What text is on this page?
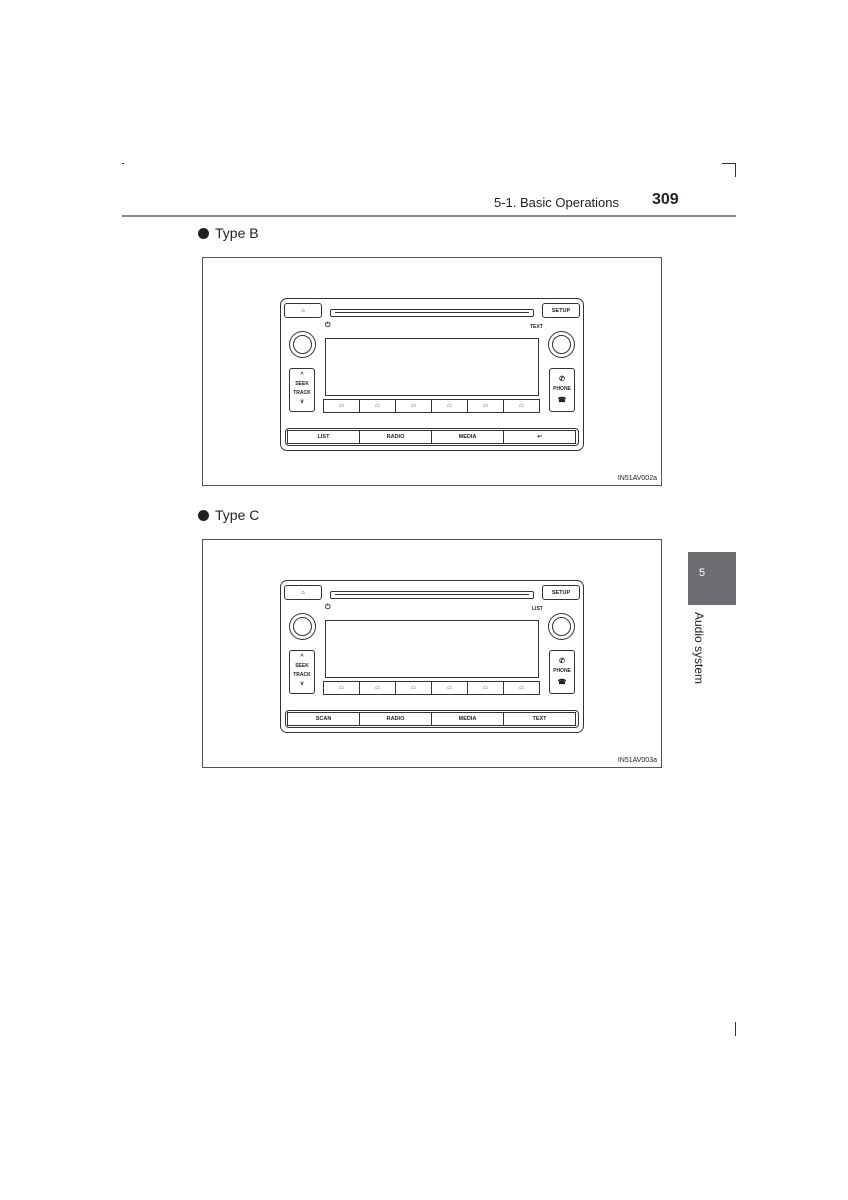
5-1. Basic Operations 309
5
Audio system
Type B
⌂	SETUP
⏻	TEXT
^
SEEK
TRACK
v
✆
PHONE
☎
▭	▭	▭	▭	▭	▭
LIST	RADIO	MEDIA	↩
IN51AV002a
Type C
⌂	SETUP
⏻	LIST
^
SEEK
TRACK
v
✆
PHONE
☎
▭	▭	▭	▭	▭	▭
SCAN	RADIO	MEDIA	TEXT
IN51AV003a
